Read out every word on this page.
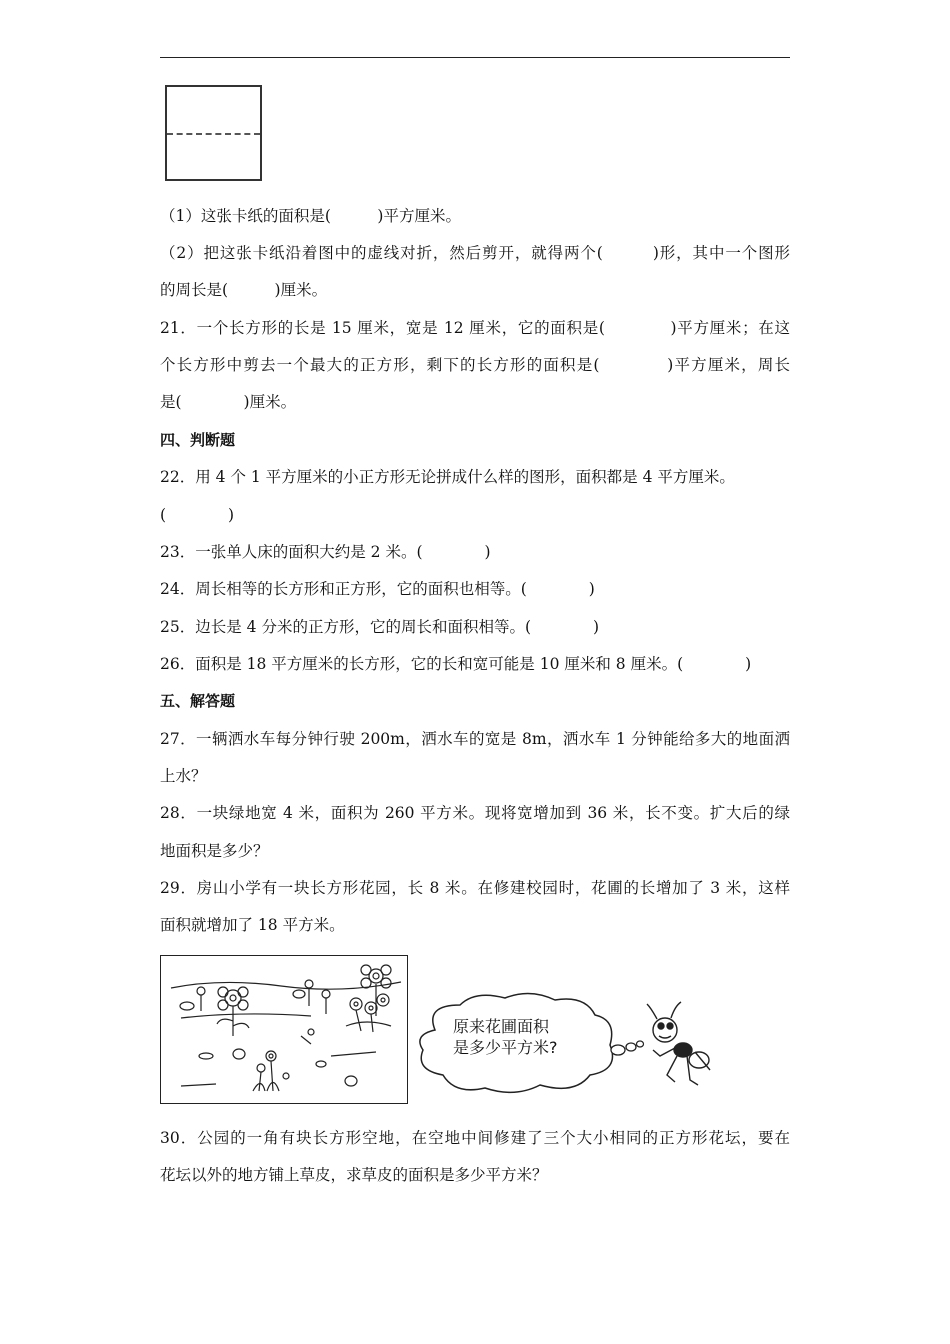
（1）这张卡纸的面积是(　　　)平方厘米。
（2）把这张卡纸沿着图中的虚线对折，然后剪开，就得两个(　　　)形，其中一个图形
的周长是(　　　)厘米。
21．一个长方形的长是 15 厘米，宽是 12 厘米，它的面积是(　　　　)平方厘米；在这
个长方形中剪去一个最大的正方形，剩下的长方形的面积是(　　　　)平方厘米，周长
是(　　　　)厘米。
四、判断题
22．用 4 个 1 平方厘米的小正方形无论拼成什么样的图形，面积都是 4 平方厘米。
(　　　　)
23．一张单人床的面积大约是 2 米。(　　　　)
24．周长相等的长方形和正方形，它的面积也相等。(　　　　)
25．边长是 4 分米的正方形，它的周长和面积相等。(　　　　)
26．面积是 18 平方厘米的长方形，它的长和宽可能是 10 厘米和 8 厘米。(　　　　)
五、解答题
27．一辆洒水车每分钟行驶 200m，洒水车的宽是 8m，洒水车 1 分钟能给多大的地面洒
上水？
28．一块绿地宽 4 米，面积为 260 平方米。现将宽增加到 36 米，长不变。扩大后的绿
地面积是多少？
29．房山小学有一块长方形花园，长 8 米。在修建校园时，花圃的长增加了 3 米，这样
面积就增加了 18 平方米。
原来花圃面积
是多少平方米?
30．公园的一角有块长方形空地，在空地中间修建了三个大小相同的正方形花坛，要在
花坛以外的地方铺上草皮，求草皮的面积是多少平方米？
